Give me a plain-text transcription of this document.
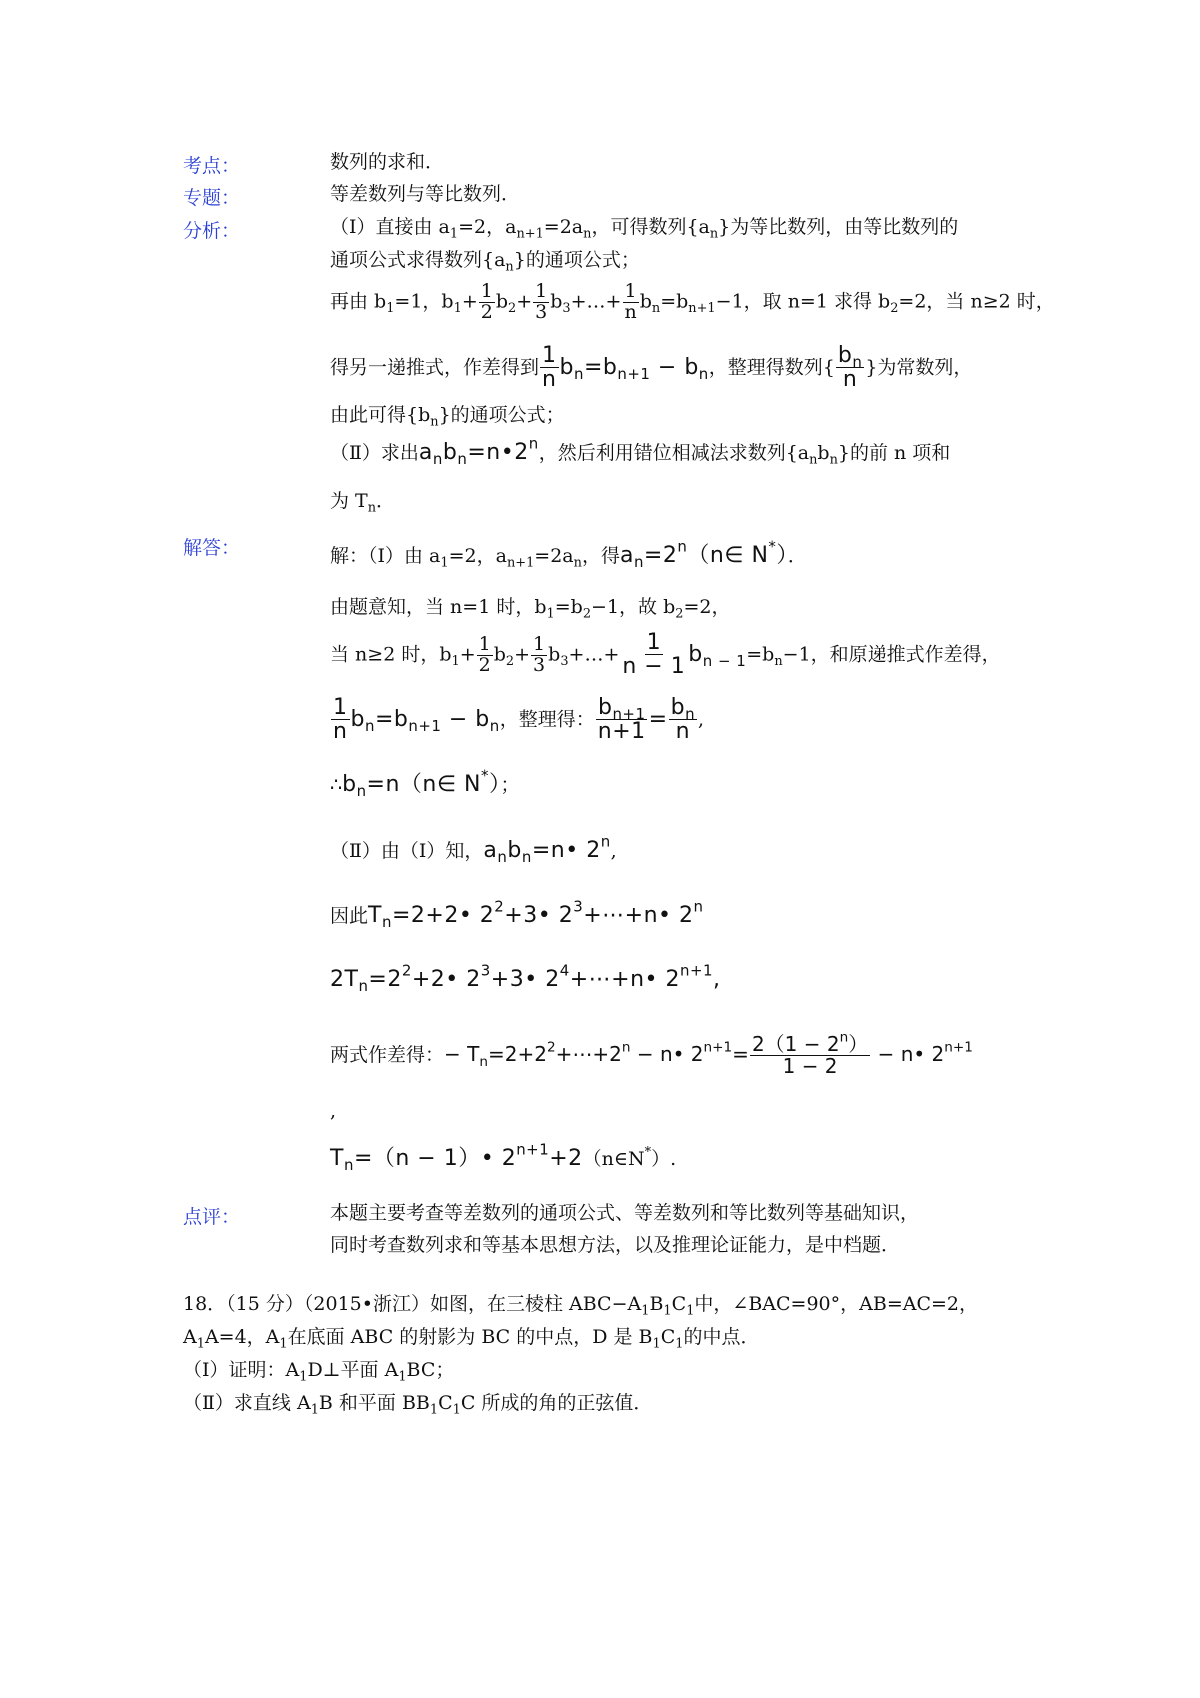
考点：	数列的求和．
专题：	等差数列与等比数列．
分析：	（Ⅰ）直接由 $a_1=2$，$a_{n+1}=2a_n$，可得数列$\{a_n\}$为等比数列，由等比数列的
通项公式求得数列$\{a_n\}$的通项公式；
再由 $b_1=1$，$b_1+ \frac{1}{2} b_2+ \frac{1}{3}$ $b_3+\dots+ \frac{1}{n} b_n=b_{n+1}-1$，取 n=1 求得 $b_2=2$，当 n≥2 时，
得另一递推式，作差得到 $\frac{1}{n} b_n=b_{n+1} - b_n$，整理得数列{ $\frac{b_n}{n}$ }为常数列，
由此可得$\{b_n\}$的通项公式；
（Ⅱ）求出$a_nb_n=n•2^n$，然后利用错位相减法求数列$\{a_nb_n\}$的前 n 项和
为 $T_n$．
解答：	解：（Ⅰ）由 $a_1=2$，$a_{n+1}=2a_n$，得$a_n=2^n(n\in$ N*）．
由题意知，当 n=1 时，$b_1=b_2-1$，故 $b_2=2$，
当 n≥2 时，$b_1+ \frac{1}{2} b_2+ \frac{1}{3}$ $b_3+\dots+ \frac{1}{n - 1} b_{n - 1}=b_n-1$，和原递推式作差得，
$\frac{1}{n} b_n=b_{n+1} - b_n$，整理得： $\frac{b_{n+1}}{n+1} = \frac{b_n}{n}$ ,
$\therefore b_n=n(n\in$ N*）；
（Ⅱ）由（Ⅰ）知，$a_nb_n=n•$ 2$^n$,
因此$T_n=2+2•$ $2^2+3•$ $2^3+\cdots+n•$ 2$^n$
$2T_n=2^2+2•$ $2^3+3•$ $2^4+\cdots+n•$ $2^{n+1}$,
两式作差得：− $T_n=2+2^2+\cdots+2^n$ − n• $2^{n+1}= \frac{2(1 - 2^n)}{1 - 2}$ − n• $2^{n+1}$
,
$T_n=(n$ − 1）• $2^{n+1}+2(n\in N^*)$.
点评：	本题主要考查等差数列的通项公式、等差数列和等比数列等基础知识，
同时考查数列求和等基本思想方法，以及推理论证能力，是中档题．
18．（15 分）（2015•浙江）如图，在三棱柱 $ABC-A_1B_1C_1$中，∠BAC=90°，AB=AC=2，
$A_1A=4$，$A_1$在底面 ABC 的射影为 BC 的中点，D 是 $B_1C_1$的中点．
（Ⅰ）证明：$A_1D\perp$平面 $A_1BC$；
（Ⅱ）求直线 $A_1B$ 和平面 $BB_1C_1C$ 所成的角的正弦值．
